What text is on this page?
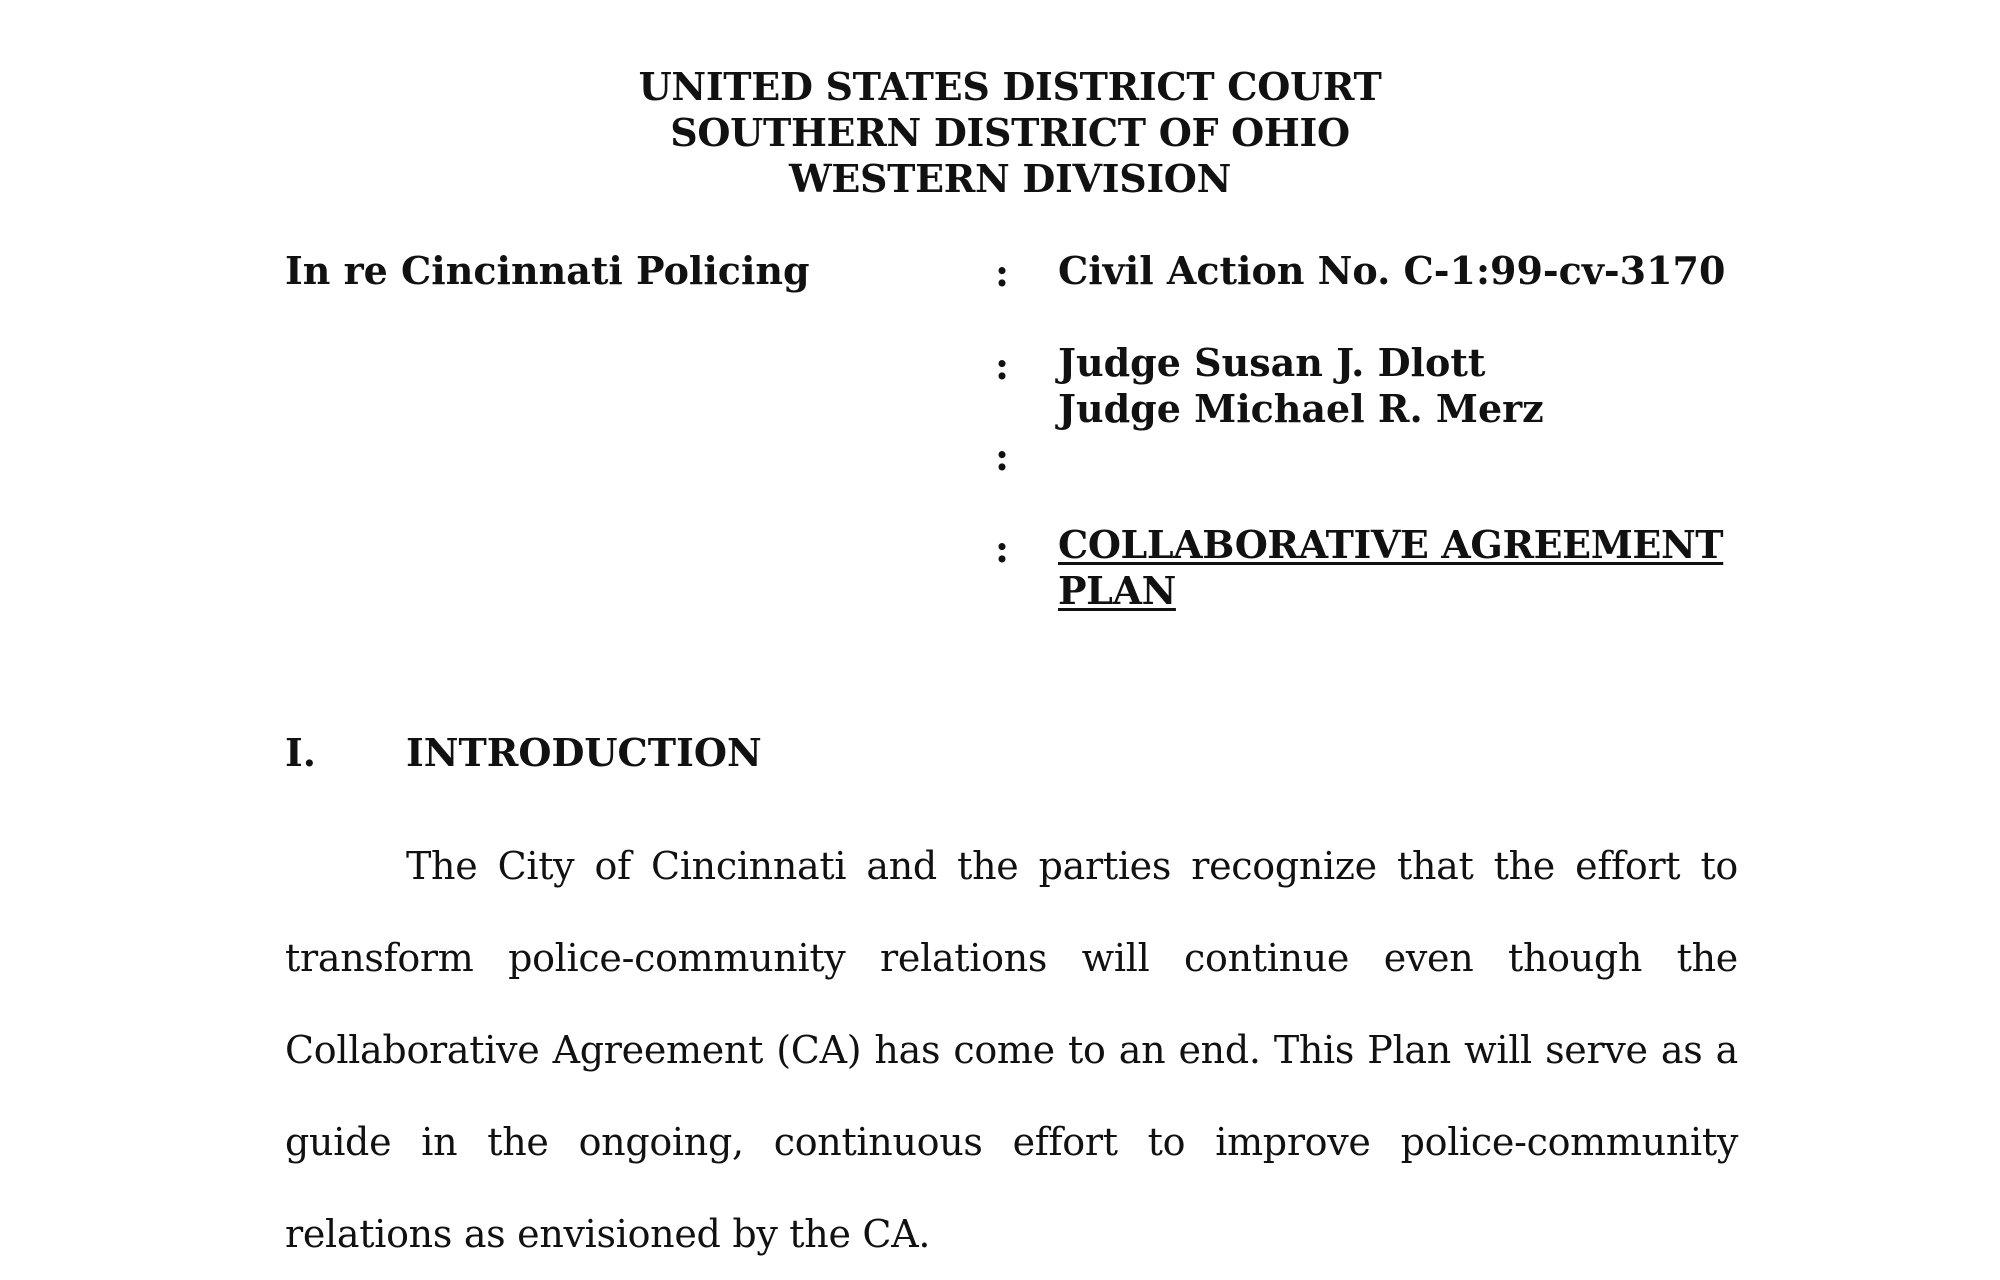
UNITED STATES DISTRICT COURT
SOUTHERN DISTRICT OF OHIO
WESTERN DIVISION
In re Cincinnati Policing	:
:
:
:
Civil Action No. C-1:99-cv-3170
Judge Susan J. Dlott
Judge Michael R. Merz
COLLABORATIVE AGREEMENT
PLAN
I. INTRODUCTION

The City of Cincinnati and the parties recognize that the effort to transform police-community relations will continue even though the Collaborative Agreement (CA) has come to an end. This Plan will serve as a guide in the ongoing, continuous effort to improve police-community relations as envisioned by the CA.
